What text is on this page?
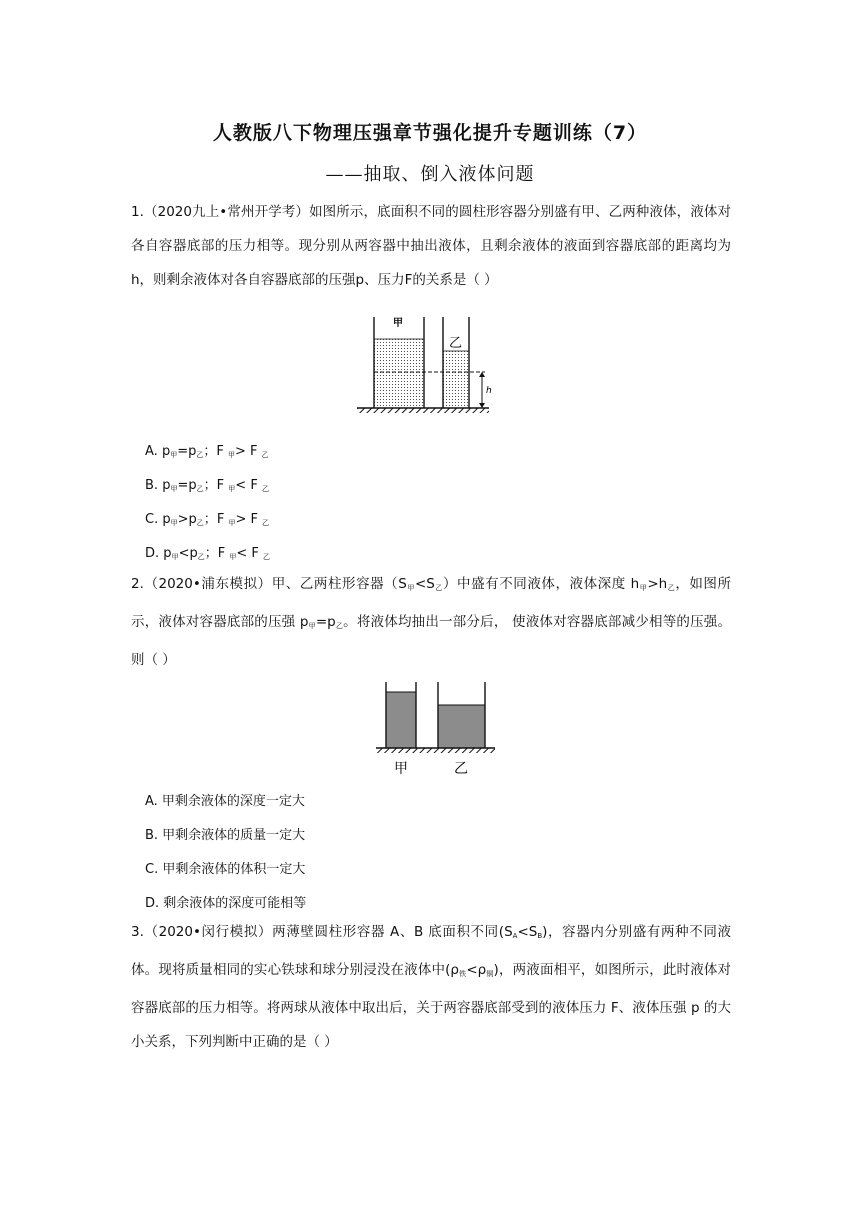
人教版八下物理压强章节强化提升专题训练（7）
——抽取、倒入液体问题
1.（2020九上•常州开学考）如图所示，底面积不同的圆柱形容器分别盛有甲、乙两种液体，液体对各自容器底部的压力相等。现分别从两容器中抽出液体，且剩余液体的液面到容器底部的距离均为h，则剩余液体对各自容器底部的压强p、压力F的关系是（ ）
甲
乙
h
A. $p_甲=p_乙$；F $_甲$> F $_乙$
B. $p_甲=p_乙$；F $_甲$< F $_乙$
C. $p_甲>p_乙$；F $_甲$> F $_乙$
D. $p_甲<p_乙$；F $_甲$< F $_乙$
2.（2020•浦东模拟）甲、乙两柱形容器$(S_甲<S_乙)$中盛有不同液体，液体深度 $h_甲>h_乙$，如图所示，液体对容器底部的压强 $p_甲=p_乙$。将液体均抽出一部分后， 使液体对容器底部减少相等的压强。则（ ）
甲	乙
A. 甲剩余液体的深度一定大
B. 甲剩余液体的质量一定大
C. 甲剩余液体的体积一定大
D. 剩余液体的深度可能相等
3.（2020•闵行模拟）两薄壁圆柱形容器 A、B 底面积不同$(S_A<S_B)$，容器内分别盛有两种不同液体。现将质量相同的实心铁球和球分别浸没在液体中$(\rho_铁<\rho_铜)$，两液面相平，如图所示，此时液体对容器底部的压力相等。将两球从液体中取出后，关于两容器底部受到的液体压力 F、液体压强 p 的大小关系，下列判断中正确的是（ ）
